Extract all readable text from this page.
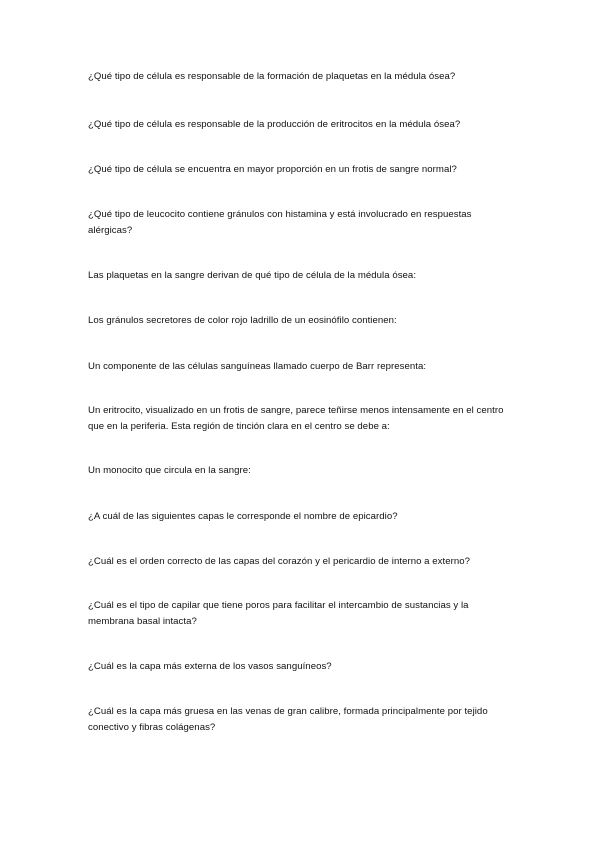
¿Qué tipo de célula es responsable de la formación de plaquetas en la médula ósea?

¿Qué tipo de célula es responsable de la producción de eritrocitos en la médula ósea?

¿Qué tipo de célula se encuentra en mayor proporción en un frotis de sangre normal?

¿Qué tipo de leucocito contiene gránulos con histamina y está involucrado en respuestas alérgicas?

Las plaquetas en la sangre derivan de qué tipo de célula de la médula ósea:

Los gránulos secretores de color rojo ladrillo de un eosinófilo contienen:

Un componente de las células sanguíneas llamado cuerpo de Barr representa:

Un eritrocito, visualizado en un frotis de sangre, parece teñirse menos intensamente en el centro que en la periferia. Esta región de tinción clara en el centro se debe a:

Un monocito que circula en la sangre:

¿A cuál de las siguientes capas le corresponde el nombre de epicardio?

¿Cuál es el orden correcto de las capas del corazón y el pericardio de interno a externo?

¿Cuál es el tipo de capilar que tiene poros para facilitar el intercambio de sustancias y la membrana basal intacta?

¿Cuál es la capa más externa de los vasos sanguíneos?

¿Cuál es la capa más gruesa en las venas de gran calibre, formada principalmente por tejido conectivo y fibras colágenas?
